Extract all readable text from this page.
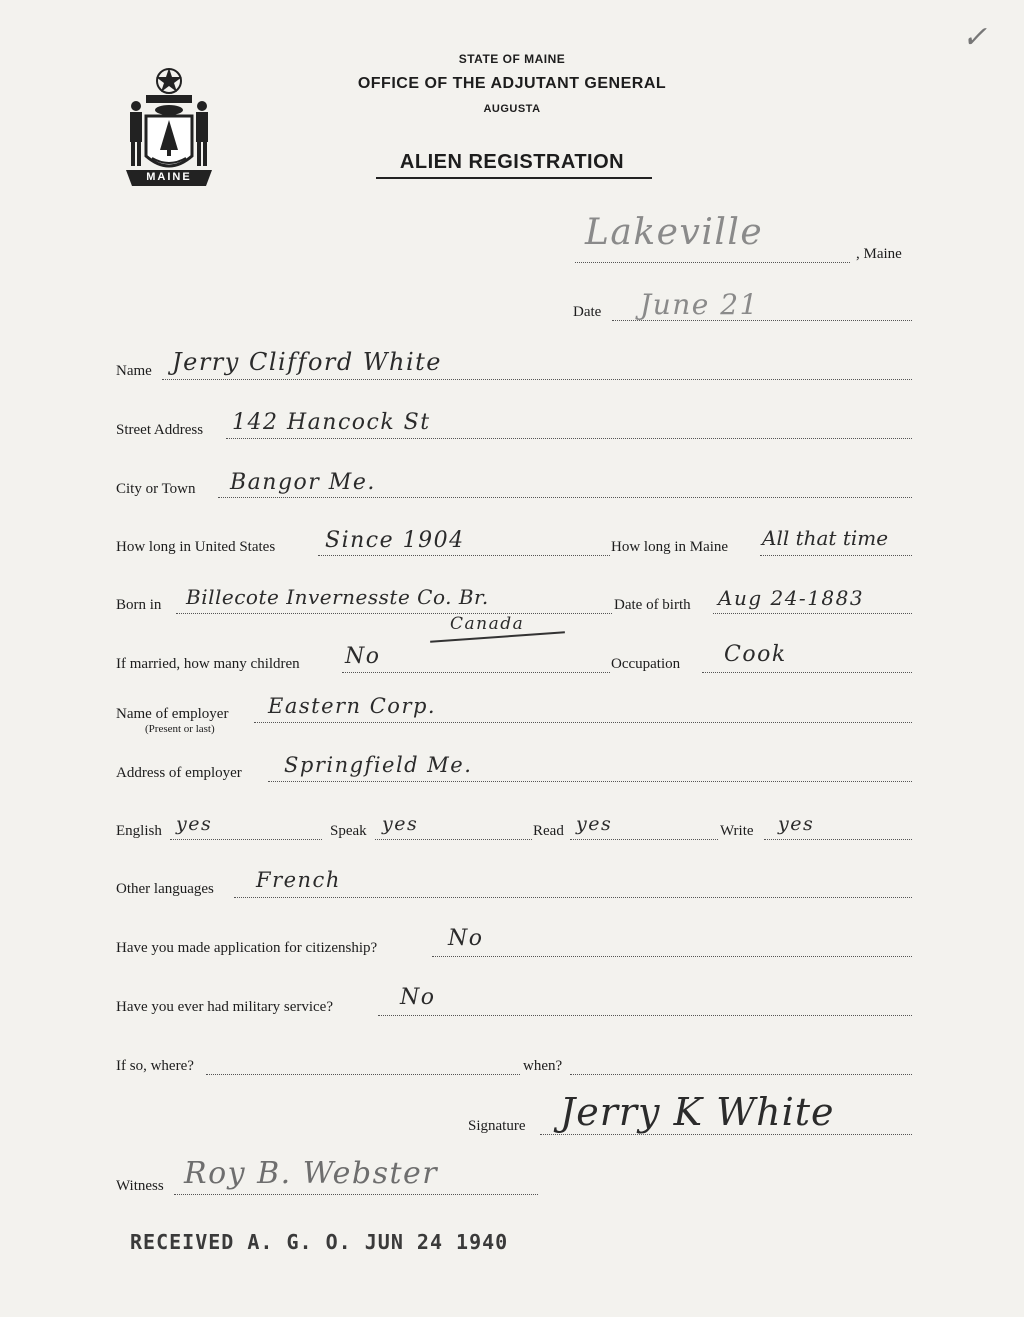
✓
MAINE
STATE OF MAINE
OFFICE OF THE ADJUTANT GENERAL
AUGUSTA
ALIEN REGISTRATION
Lakeville
, Maine
Date June 21
Name Jerry Clifford White
Street Address 142 Hancock St
City or Town Bangor Me.
How long in United States Since 1904	How long in Maine All that time
Born in Billecote Invernesste Co. Br.
Canada
Date of birth Aug 24-1883
If married, how many children No	Occupation Cook
Name of employer
(Present or last)
Eastern Corp.
Address of employer Springfield Me.
English yes	Speak yes	Read yes	Write yes
Other languages French
Have you made application for citizenship?	No
Have you ever had military service?	No
If so, where?	when?
Signature Jerry K White
Witness Roy B. Webster
RECEIVED A. G. O. JUN 24 1940
